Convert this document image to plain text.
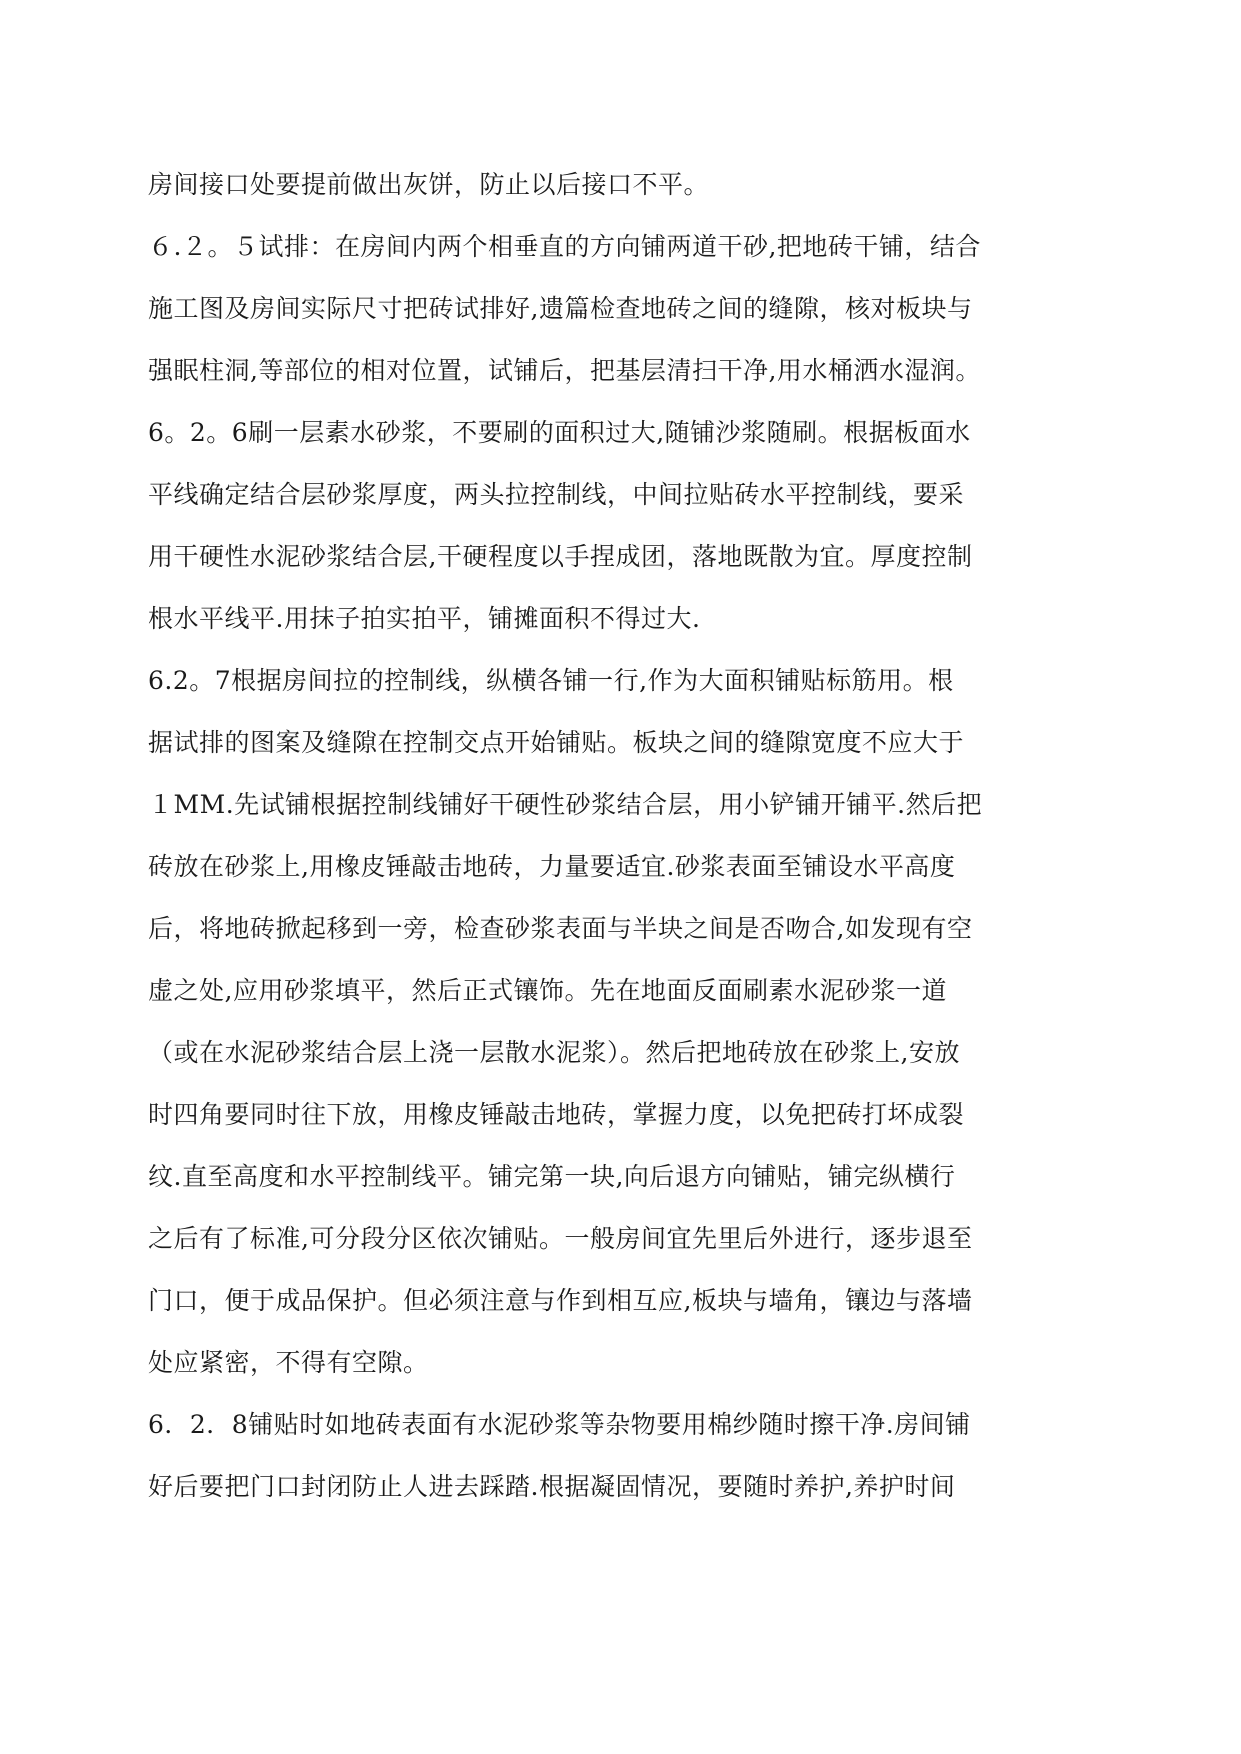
房间接口处要提前做出灰饼，防止以后接口不平。
６.２。５试排：在房间内两个相垂直的方向铺两道干砂,把地砖干铺，结合
施工图及房间实际尺寸把砖试排好,遗篇检查地砖之间的缝隙，核对板块与
强眠柱洞,等部位的相对位置，试铺后，把基层清扫干净,用水桶洒水湿润。
6。2。6刷一层素水砂浆，不要刷的面积过大,随铺沙浆随刷。根据板面水
平线确定结合层砂浆厚度，两头拉控制线，中间拉贴砖水平控制线，要采
用干硬性水泥砂浆结合层,干硬程度以手捏成团，落地既散为宜。厚度控制
根水平线平.用抹子拍实拍平，铺摊面积不得过大.
6.2。7根据房间拉的控制线，纵横各铺一行,作为大面积铺贴标筋用。根
据试排的图案及缝隙在控制交点开始铺贴。板块之间的缝隙宽度不应大于
１MM.先试铺根据控制线铺好干硬性砂浆结合层，用小铲铺开铺平.然后把
砖放在砂浆上,用橡皮锤敲击地砖，力量要适宜.砂浆表面至铺设水平高度
后，将地砖掀起移到一旁，检查砂浆表面与半块之间是否吻合,如发现有空
虚之处,应用砂浆填平，然后正式镶饰。先在地面反面刷素水泥砂浆一道
（或在水泥砂浆结合层上浇一层散水泥浆）。然后把地砖放在砂浆上,安放
时四角要同时往下放，用橡皮锤敲击地砖，掌握力度，以免把砖打坏成裂
纹.直至高度和水平控制线平。铺完第一块,向后退方向铺贴，铺完纵横行
之后有了标准,可分段分区依次铺贴。一般房间宜先里后外进行，逐步退至
门口，便于成品保护。但必须注意与作到相互应,板块与墙角，镶边与落墙
处应紧密，不得有空隙。
6．2．8铺贴时如地砖表面有水泥砂浆等杂物要用棉纱随时擦干净.房间铺
好后要把门口封闭防止人进去踩踏.根据凝固情况，要随时养护,养护时间
